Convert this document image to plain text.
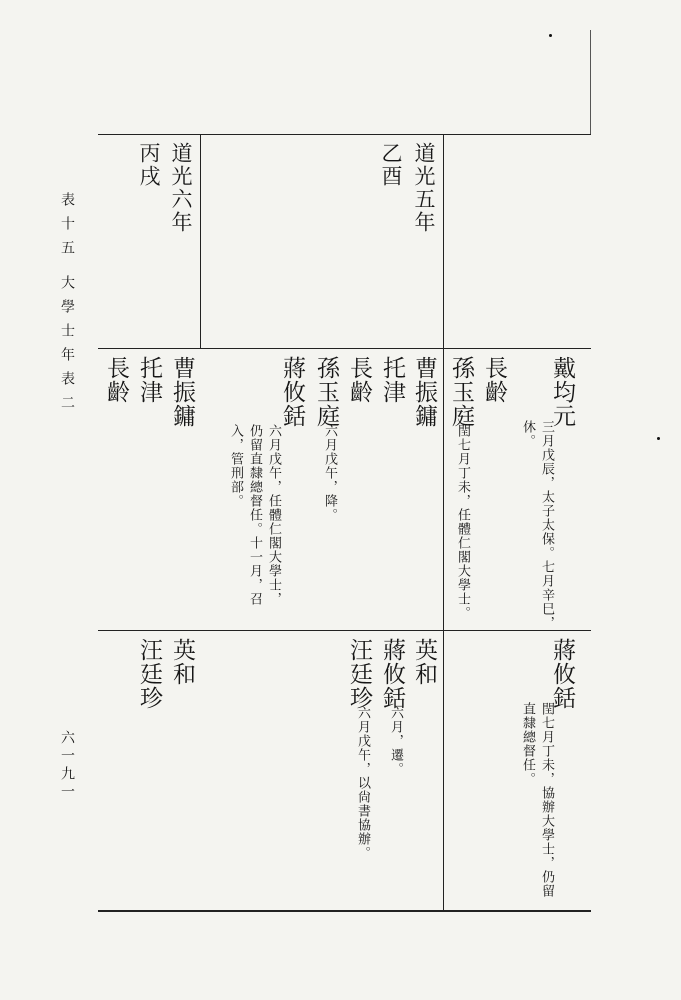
表十五
大學士年表二
六一九一
道光五年
乙酉
道光六年
丙戌
戴均元
三月戊辰，太子太保。七月辛巳，休。
長齡
孫玉庭
閏七月丁未，任體仁閣大學士。
曹振鏞
托津
長齡
孫玉庭
六月戊午，降。
蔣攸銛
六月戊午，任體仁閣大學士，仍留直隸總督任。十一月，召入，管刑部。
蔣攸銛
閏七月丁未，協辦大學士，仍留直隸總督任。
英和
蔣攸銛
六月，遷。
汪廷珍
六月戊午，以尙書協辦。
曹振鏞
托津
長齡
英和
汪廷珍
